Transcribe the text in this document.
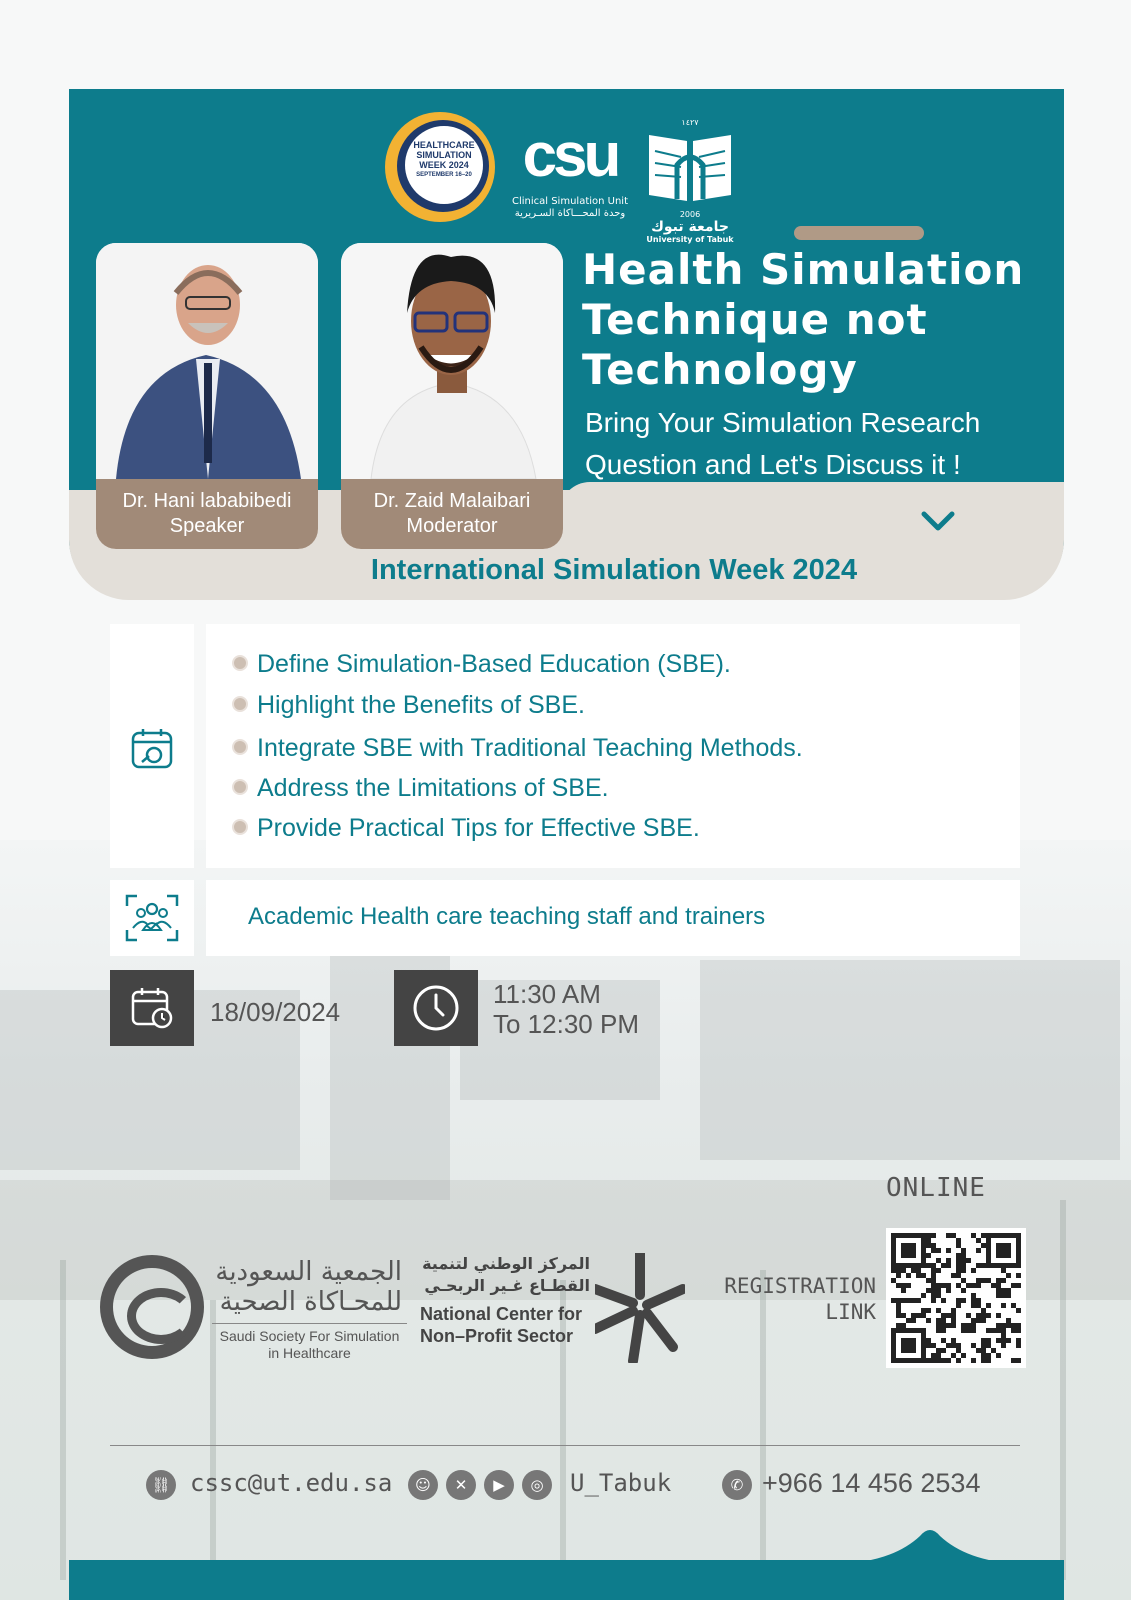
HEALTHCARE
SIMULATION
WEEK 2024
SEPTEMBER 16–20 csu
Clinical Simulation Unit
وحدة المحـــاكاة السـريرية
١٤٢٧
2006
جامعة تبوك
University of Tabuk
Dr. Hani lababibedi
Speaker
Dr. Zaid Malaibari
Moderator
Health Simulation Technique not Technology
Bring Your Simulation Research Question and Let's Discuss it !
International Simulation Week 2024
Define Simulation-Based Education (SBE).
Highlight the Benefits of SBE.
Integrate SBE with Traditional Teaching Methods.
Address the Limitations of SBE.
Provide Practical Tips for Effective SBE.
Academic Health care teaching staff and trainers
18/09/2024
11:30 AM
To 12:30 PM
ONLINE
REGISTRATION
LINK
الجمعية السعودية
للمحـاكاة الصحية
Saudi Society For Simulation
in Healthcare
المركز الوطني لتنمية
القطـاع غـير الربحـي
National Center for
Non–Profit Sector
⛓ cssc@ut.edu.sa	☺	✕	▶	◎	U_Tabuk	✆ +966 14 456 2534
